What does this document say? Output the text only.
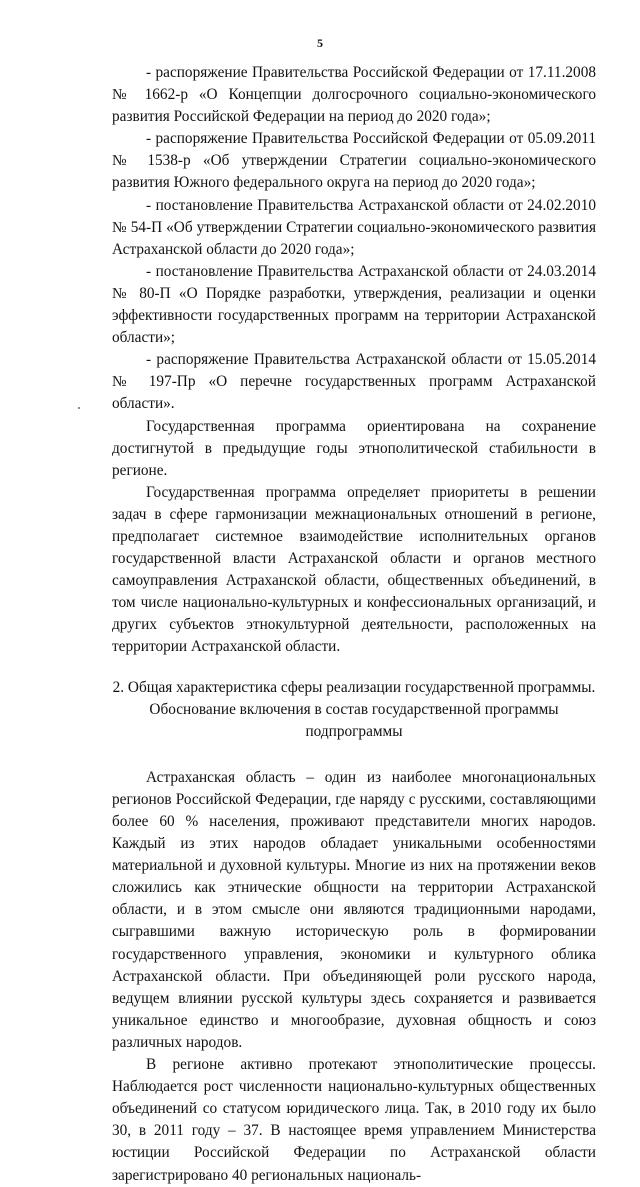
5

- распоряжение Правительства Российской Федерации от 17.11.2008 № 1662-р «О Концепции долгосрочного социально-экономического развития Российской Федерации на период до 2020 года»;

- распоряжение Правительства Российской Федерации от 05.09.2011 № 1538-р «Об утверждении Стратегии социально-экономического развития Южного федерального округа на период до 2020 года»;

- постановление Правительства Астраханской области от 24.02.2010 № 54-П «Об утверждении Стратегии социально-экономического развития Астраханской области до 2020 года»;

- постановление Правительства Астраханской области от 24.03.2014 № 80-П «О Порядке разработки, утверждения, реализации и оценки эффективности государственных программ на территории Астраханской области»;

- распоряжение Правительства Астраханской области от 15.05.2014 № 197-Пр «О перечне государственных программ Астраханской области».

Государственная программа ориентирована на сохранение достигнутой в предыдущие годы этнополитической стабильности в регионе.

Государственная программа определяет приоритеты в решении задач в сфере гармонизации межнациональных отношений в регионе, предполагает системное взаимодействие исполнительных органов государственной власти Астраханской области и органов местного самоуправления Астраханской области, общественных объединений, в том числе национально-культурных и конфессиональных организаций, и других субъектов этнокультурной деятельности, расположенных на территории Астраханской области.

2. Общая характеристика сферы реализации государственной программы.
Обоснование включения в состав государственной программы
подпрограммы

Астраханская область – один из наиболее многонациональных регионов Российской Федерации, где наряду с русскими, составляющими более 60 % населения, проживают представители многих народов. Каждый из этих народов обладает уникальными особенностями материальной и духовной культуры. Многие из них на протяжении веков сложились как этнические общности на территории Астраханской области, и в этом смысле они являются традиционными народами, сыгравшими важную историческую роль в формировании государственного управления, экономики и культурного облика Астраханской области. При объединяющей роли русского народа, ведущем влиянии русской культуры здесь сохраняется и развивается уникальное единство и многообразие, духовная общность и союз различных народов.

В регионе активно протекают этнополитические процессы. Наблюдается рост численности национально-культурных общественных объединений со статусом юридического лица. Так, в 2010 году их было 30, в 2011 году – 37. В настоящее время управлением Министерства юстиции Российской Федерации по Астраханской области зарегистрировано 40 региональных националь-
